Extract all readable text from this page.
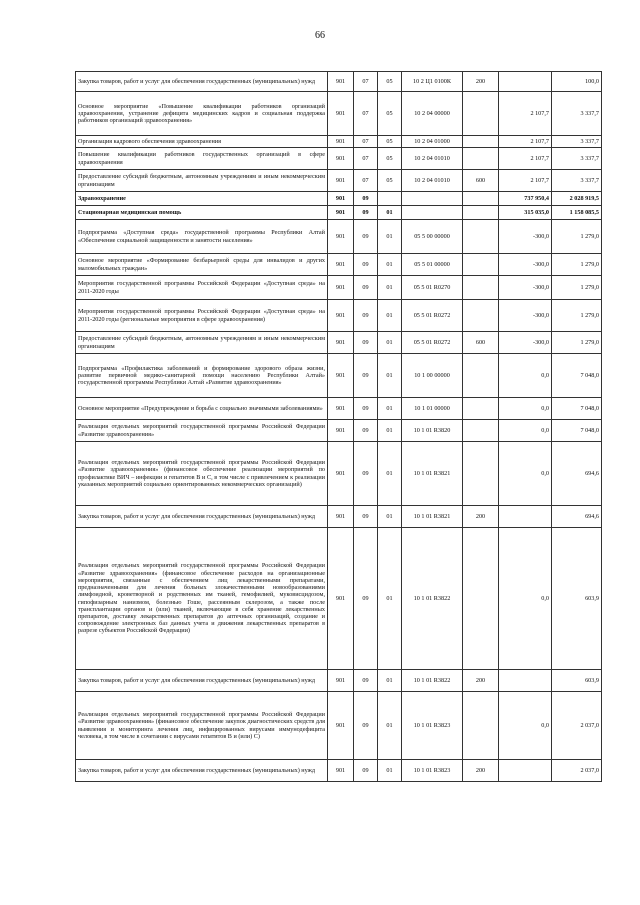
66
Закупка товаров, работ и услуг для обеспечения государственных (муниципальных) нужд	901	07	05	10 2 Ц1 0100К	200		100,0
Основное мероприятие «Повышение квалификации работников организаций здравоохранения, устранение дефицита медицинских кадров и социальная поддержка работников организаций здравоохранения»	901	07	05	10 2 04 00000		2 107,7	3 337,7
Организация кадрового обеспечения здравоохранения	901	07	05	10 2 04 01000		2 107,7	3 337,7
Повышение квалификации работников государственных организаций в сфере здравоохранения	901	07	05	10 2 04 01010		2 107,7	3 337,7
Предоставление субсидий бюджетным, автономным учреждениям и иным некоммерческим организациям	901	07	05	10 2 04 01010	600	2 107,7	3 337,7
Здравоохранение	901	09				737 950,4	2 028 919,5
Стационарная медицинская помощь	901	09	01			315 035,0	1 158 085,5
Подпрограмма «Доступная среда» государственной программы Республики Алтай «Обеспечение социальной защищенности и занятости населения»	901	09	01	05 5 00 00000		-300,0	1 279,0
Основное мероприятие «Формирование безбарьерной среды для инвалидов и других маломобильных граждан»	901	09	01	05 5 01 00000		-300,0	1 279,0
Мероприятия государственной программы Российской Федерации «Доступная среда» на 2011-2020 годы	901	09	01	05 5 01 R0270		-300,0	1 279,0
Мероприятия государственной программы Российской Федерации «Доступная среда» на 2011-2020 годы (региональные мероприятия в сфере здравоохранения)	901	09	01	05 5 01 R0272		-300,0	1 279,0
Предоставление субсидий бюджетным, автономным учреждениям и иным некоммерческим организациям	901	09	01	05 5 01 R0272	600	-300,0	1 279,0
Подпрограмма «Профилактика заболеваний и формирование здорового образа жизни, развитие первичной медико-санитарной помощи населению Республики Алтай» государственной программы Республики Алтай «Развитие здравоохранения»	901	09	01	10 1 00 00000		0,0	7 048,0
Основное мероприятие «Предупреждение и борьба с социально значимыми заболеваниями»	901	09	01	10 1 01 00000		0,0	7 048,0
Реализация отдельных мероприятий государственной программы Российской Федерации «Развитие здравоохранения»	901	09	01	10 1 01 R3820		0,0	7 048,0
Реализация отдельных мероприятий государственной программы Российской Федерации «Развитие здравоохранения» (финансовое обеспечение реализации мероприятий по профилактике ВИЧ – инфекции и гепатитов В и С, в том числе с привлечением к реализации указанных мероприятий социально ориентированных некоммерческих организаций)	901	09	01	10 1 01 R3821		0,0	694,6
Закупка товаров, работ и услуг для обеспечения государственных (муниципальных) нужд	901	09	01	10 1 01 R3821	200		694,6
Реализация отдельных мероприятий государственной программы Российской Федерации «Развитие здравоохранения» (финансовое обеспечение расходов на организационные мероприятия, связанные с обеспечением лиц лекарственными препаратами, предназначенными для лечения больных злокачественными новообразованиями лимфоидной, кроветворной и родственных им тканей, гемофилией, муковисцидозом, гипофизарным нанизмом, болезнью Гоше, рассеянным склерозом, а также после трансплантации органов и (или) тканей, включающие в себя хранение лекарственных препаратов, доставку лекарственных препаратов до аптечных организаций, создание и сопровождение электронных баз данных учета и движения лекарственных препаратов в разрезе субъектов Российской Федерации)	901	09	01	10 1 01 R3822		0,0	603,9
Закупка товаров, работ и услуг для обеспечения государственных (муниципальных) нужд	901	09	01	10 1 01 R3822	200		603,9
Реализация отдельных мероприятий государственной программы Российской Федерации «Развитие здравоохранения» (финансовое обеспечение закупок диагностических средств для выявления и мониторинга лечения лиц, инфицированных вирусами иммунодефицита человека, в том числе в сочетании с вирусами гепатитов В и (или) С)	901	09	01	10 1 01 R3823		0,0	2 037,0
Закупка товаров, работ и услуг для обеспечения государственных (муниципальных) нужд	901	09	01	10 1 01 R3823	200		2 037,0
